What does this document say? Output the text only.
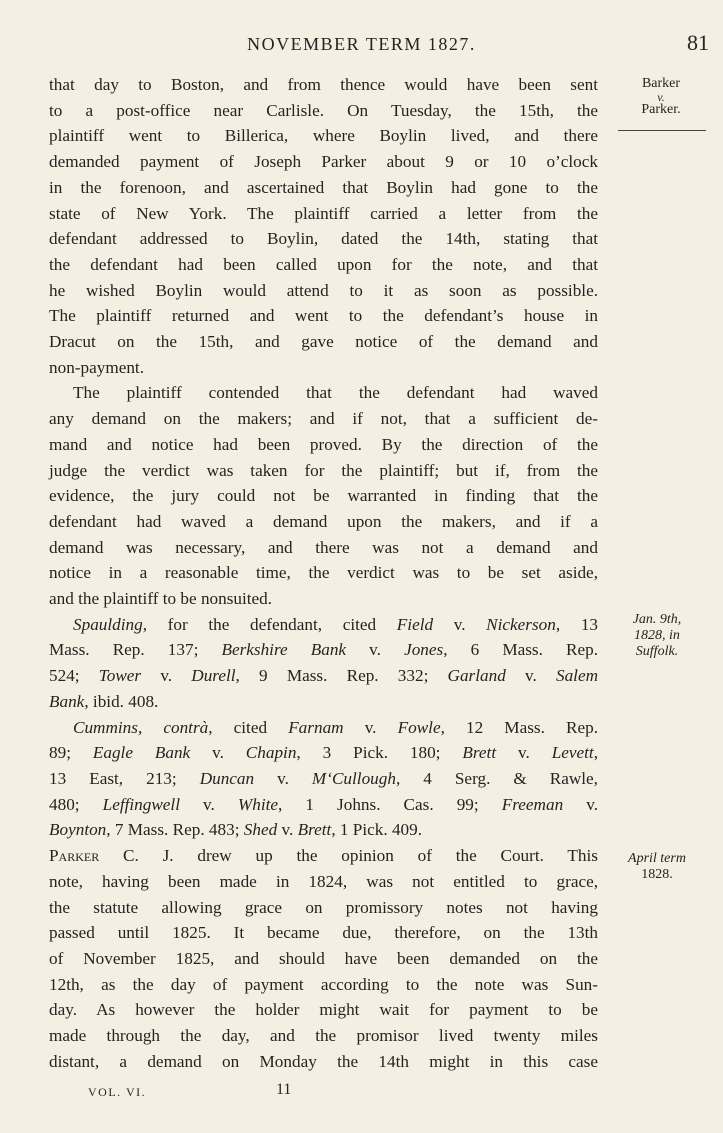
NOVEMBER TERM 1827.	81
Barker
v.
Parker.
Jan. 9th,
1828, in
Suffolk.
April term
1828.
that day to Boston, and from thence would have been sent
to a post-office near Carlisle. On Tuesday, the 15th, the
plaintiff went to Billerica, where Boylin lived, and there
demanded payment of Joseph Parker about 9 or 10 o’clock
in the forenoon, and ascertained that Boylin had gone to the
state of New York. The plaintiff carried a letter from the
defendant addressed to Boylin, dated the 14th, stating that
the defendant had been called upon for the note, and that
he wished Boylin would attend to it as soon as possible.
The plaintiff returned and went to the defendant’s house in
Dracut on the 15th, and gave notice of the demand and
non-payment.
The plaintiff contended that the defendant had waved
any demand on the makers; and if not, that a sufficient de-
mand and notice had been proved. By the direction of the
judge the verdict was taken for the plaintiff; but if, from the
evidence, the jury could not be warranted in finding that the
defendant had waved a demand upon the makers, and if a
demand was necessary, and there was not a demand and
notice in a reasonable time, the verdict was to be set aside,
and the plaintiff to be nonsuited.
Spaulding, for the defendant, cited Field v. Nickerson, 13
Mass. Rep. 137; Berkshire Bank v. Jones, 6 Mass. Rep.
524; Tower v. Durell, 9 Mass. Rep. 332; Garland v. Salem
Bank, ibid. 408.
Cummins, contrà, cited Farnam v. Fowle, 12 Mass. Rep.
89; Eagle Bank v. Chapin, 3 Pick. 180; Brett v. Levett,
13 East, 213; Duncan v. M‘Cullough, 4 Serg. & Rawle,
480; Leffingwell v. White, 1 Johns. Cas. 99; Freeman v.
Boynton, 7 Mass. Rep. 483; Shed v. Brett, 1 Pick. 409.
Parker C. J. drew up the opinion of the Court. This
note, having been made in 1824, was not entitled to grace,
the statute allowing grace on promissory notes not having
passed until 1825. It became due, therefore, on the 13th
of November 1825, and should have been demanded on the
12th, as the day of payment according to the note was Sun-
day. As however the holder might wait for payment to be
made through the day, and the promisor lived twenty miles
distant, a demand on Monday the 14th might in this case
VOL. VI.	11
